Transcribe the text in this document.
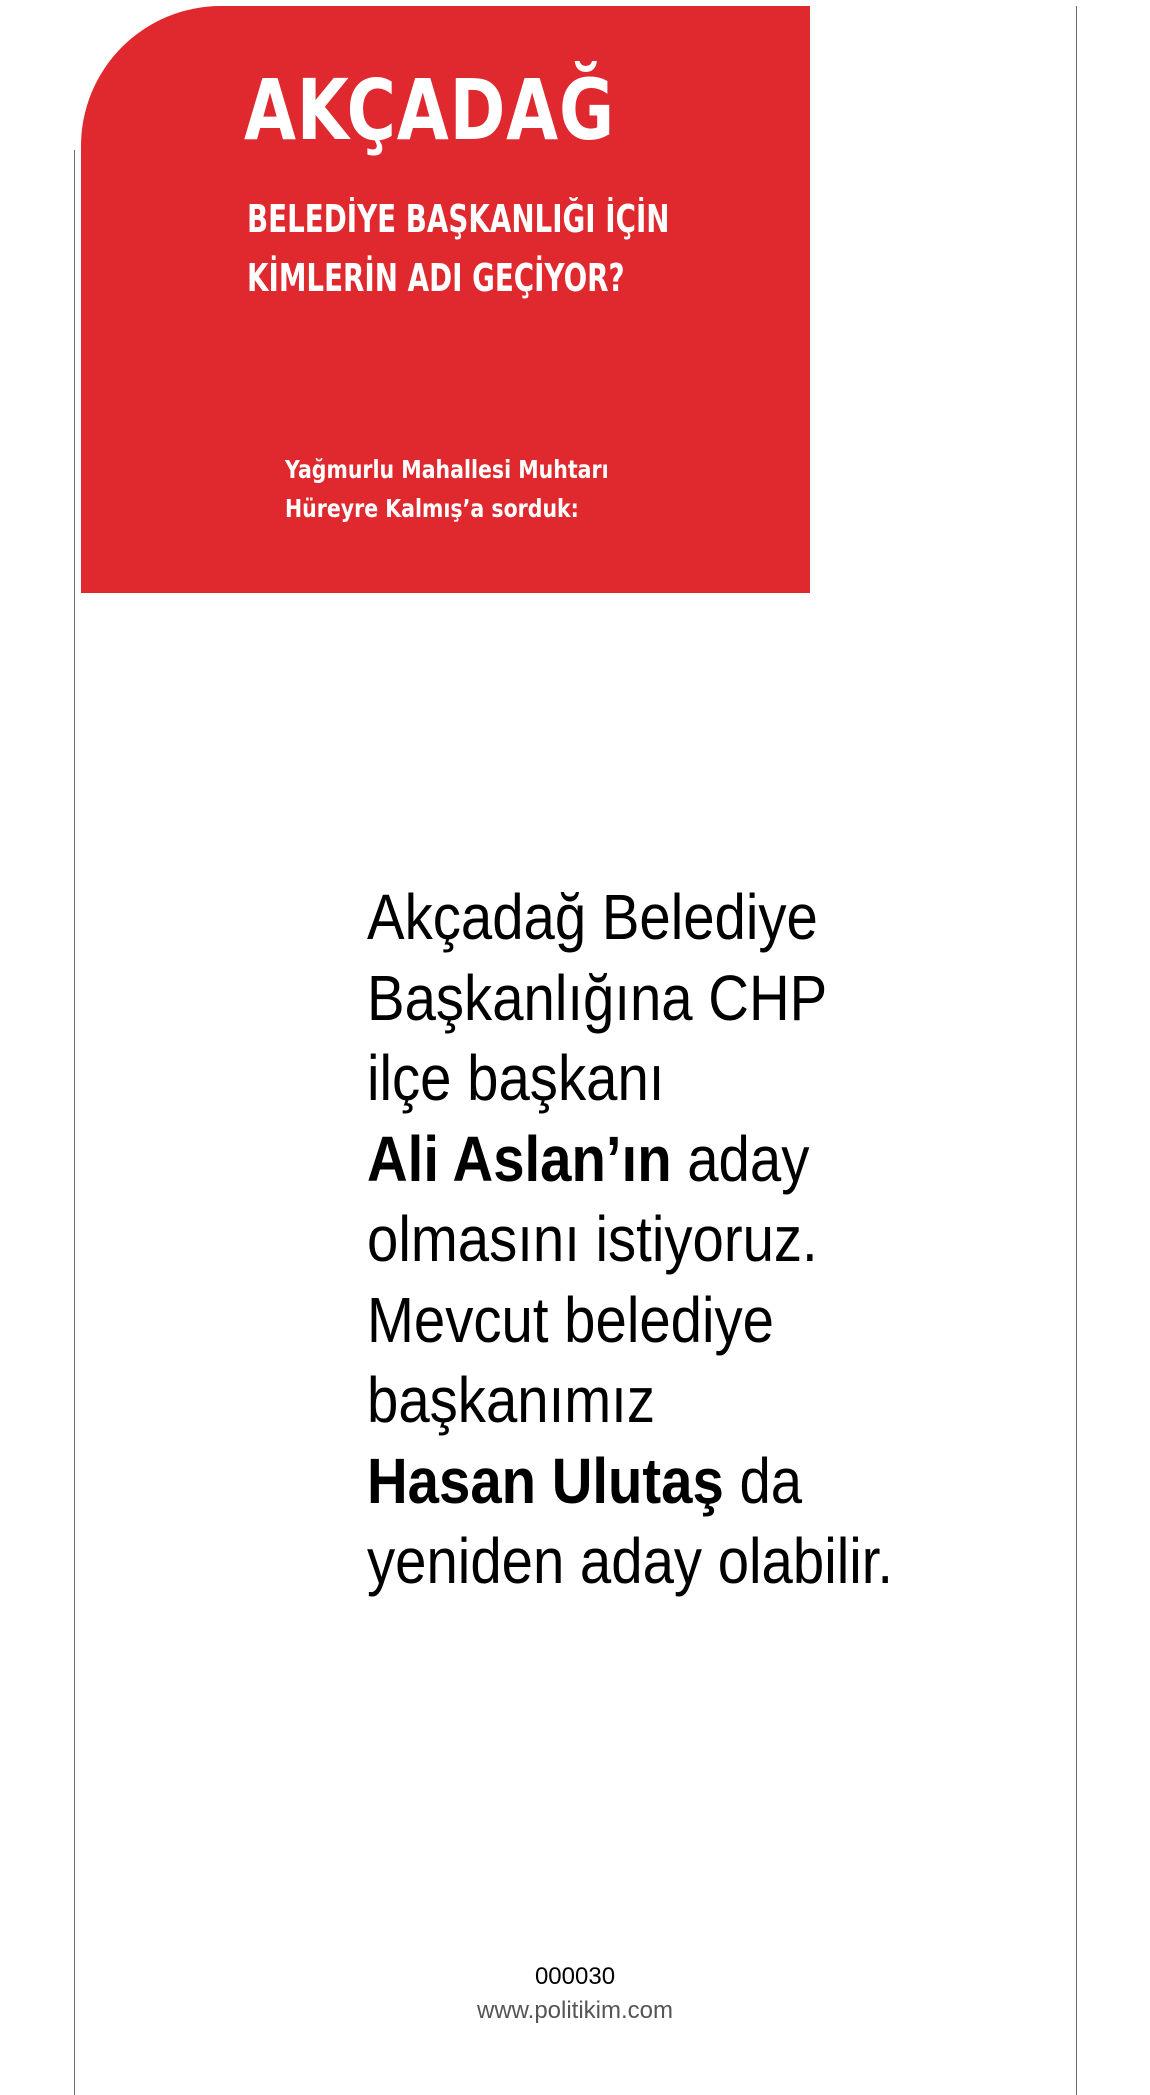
AKÇADAĞ
BELEDİYE BAŞKANLIĞI İÇİN
KİMLERİN ADI GEÇİYOR?

Yağmurlu Mahallesi Muhtarı
Hüreyre Kalmış’a sorduk:

Akçadağ Belediye
Başkanlığına CHP
ilçe başkanı
Ali Aslan’ın aday
olmasını istiyoruz.
Mevcut belediye
başkanımız
Hasan Ulutaş da
yeniden aday olabilir.

000030
www.politikim.com
